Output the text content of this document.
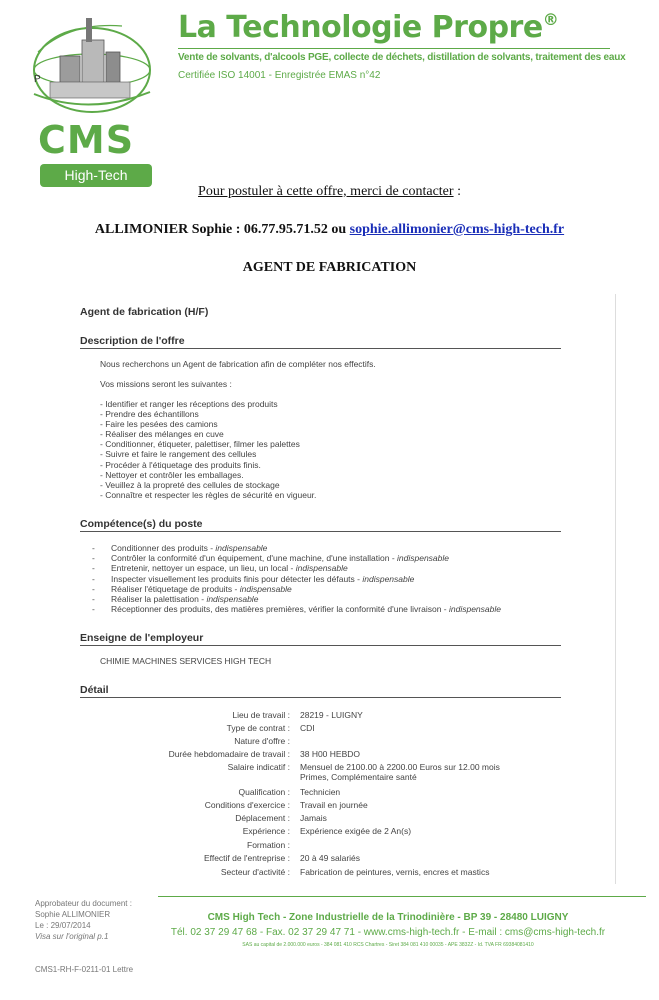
P
CMS
High-Tech
La Technologie Propre®
Vente de solvants, d'alcools PGE, collecte de déchets, distillation de solvants, traitement des eaux
Certifiée ISO 14001 - Enregistrée EMAS n°42
Pour postuler à cette offre, merci de contacter :
ALLIMONIER Sophie : 06.77.95.71.52 ou sophie.allimonier@cms-high-tech.fr
AGENT DE FABRICATION
Agent de fabrication (H/F)
Description de l'offre
Nous recherchons un Agent de fabrication afin de compléter nos effectifs.
Vos missions seront les suivantes :
- Identifier et ranger les réceptions des produits
- Prendre des échantillons
- Faire les pesées des camions
- Réaliser des mélanges en cuve
- Conditionner, étiqueter, palettiser, filmer les palettes
- Suivre et faire le rangement des cellules
- Procéder à l'étiquetage des produits finis.
- Nettoyer et contrôler les emballages.
- Veuillez à la propreté des cellules de stockage
- Connaître et respecter les règles de sécurité en vigueur.
Compétence(s) du poste
- Conditionner des produits - indispensable
- Contrôler la conformité d'un équipement, d'une machine, d'une installation - indispensable
- Entretenir, nettoyer un espace, un lieu, un local - indispensable
- Inspecter visuellement les produits finis pour détecter les défauts - indispensable
- Réaliser l'étiquetage de produits - indispensable
- Réaliser la palettisation - indispensable
- Réceptionner des produits, des matières premières, vérifier la conformité d'une livraison - indispensable
Enseigne de l'employeur
CHIMIE MACHINES SERVICES HIGH TECH
Détail
Lieu de travail : 28219 - LUIGNY
Type de contrat : CDI
Nature d'offre :
Durée hebdomadaire de travail : 38 H00 HEBDO
Salaire indicatif : Mensuel de 2100.00 à 2200.00 Euros sur 12.00 mois
Primes, Complémentaire santé
Qualification : Technicien
Conditions d'exercice : Travail en journée
Déplacement : Jamais
Expérience : Expérience exigée de 2 An(s)
Formation :
Effectif de l'entreprise : 20 à 49 salariés
Secteur d'activité : Fabrication de peintures, vernis, encres et mastics
Approbateur du document :
Sophie ALLIMONIER
Le : 29/07/2014
Visa sur l'original p.1
CMS High Tech - Zone Industrielle de la Trinodinière - BP 39 - 28480 LUIGNY
Tél. 02 37 29 47 68 - Fax. 02 37 29 47 71 - www.cms-high-tech.fr - E-mail : cms@cms-high-tech.fr
SAS au capital de 2.000.000 euros - 384 081 410 RCS Chartres - Siret 384 081 410 00035 - APE 3832Z - Id. TVA FR 69384081410
CMS1-RH-F-0211-01 Lettre
